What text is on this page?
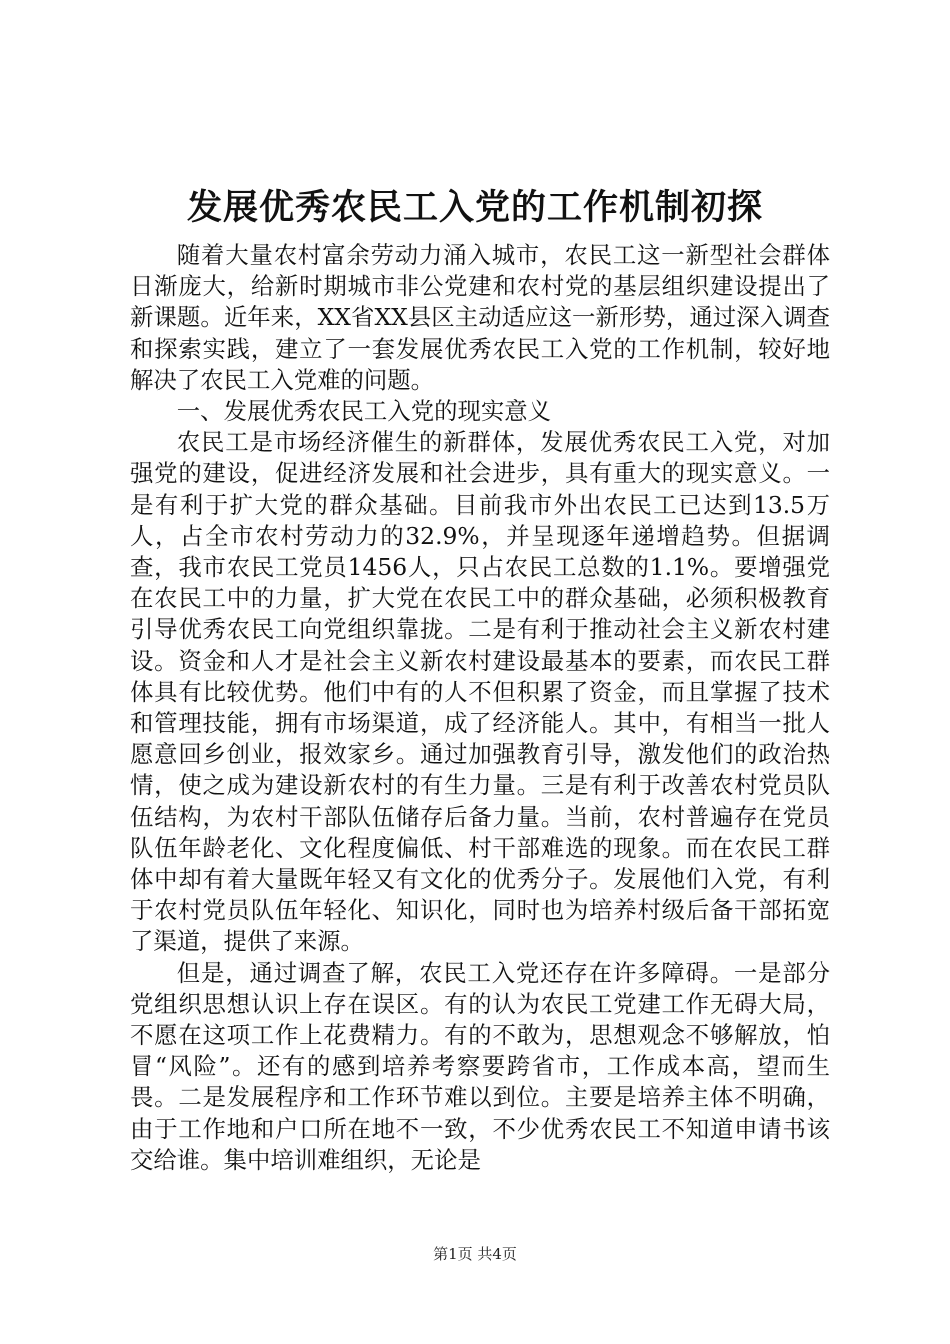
发展优秀农民工入党的工作机制初探

随着大量农村富余劳动力涌入城市，农民工这一新型社会群体日渐庞大，给新时期城市非公党建和农村党的基层组织建设提出了新课题。近年来，XX省XX县区主动适应这一新形势，通过深入调查和探索实践，建立了一套发展优秀农民工入党的工作机制，较好地解决了农民工入党难的问题。

一、发展优秀农民工入党的现实意义

农民工是市场经济催生的新群体，发展优秀农民工入党，对加强党的建设，促进经济发展和社会进步，具有重大的现实意义。一是有利于扩大党的群众基础。目前我市外出农民工已达到13.5万人，占全市农村劳动力的32.9%，并呈现逐年递增趋势。但据调查，我市农民工党员1456人，只占农民工总数的1.1%。要增强党在农民工中的力量，扩大党在农民工中的群众基础，必须积极教育引导优秀农民工向党组织靠拢。二是有利于推动社会主义新农村建设。资金和人才是社会主义新农村建设最基本的要素，而农民工群体具有比较优势。他们中有的人不但积累了资金，而且掌握了技术和管理技能，拥有市场渠道，成了经济能人。其中，有相当一批人愿意回乡创业，报效家乡。通过加强教育引导，激发他们的政治热情，使之成为建设新农村的有生力量。三是有利于改善农村党员队伍结构，为农村干部队伍储存后备力量。当前，农村普遍存在党员队伍年龄老化、文化程度偏低、村干部难选的现象。而在农民工群体中却有着大量既年轻又有文化的优秀分子。发展他们入党，有利于农村党员队伍年轻化、知识化，同时也为培养村级后备干部拓宽了渠道，提供了来源。

但是，通过调查了解，农民工入党还存在许多障碍。一是部分党组织思想认识上存在误区。有的认为农民工党建工作无碍大局，不愿在这项工作上花费精力。有的不敢为，思想观念不够解放，怕冒“风险”。还有的感到培养考察要跨省市，工作成本高，望而生畏。二是发展程序和工作环节难以到位。主要是培养主体不明确，由于工作地和户口所在地不一致，不少优秀农民工不知道申请书该交给谁。集中培训难组织，无论是

第1页 共4页
